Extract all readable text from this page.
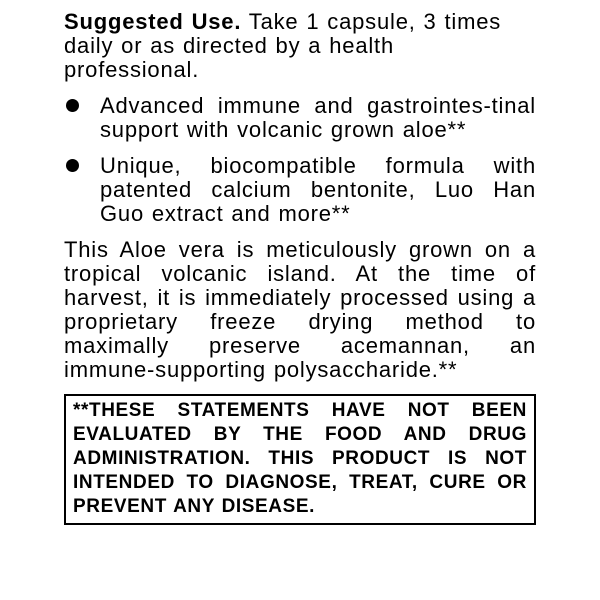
Suggested Use. Take 1 capsule, 3 times daily or as directed by a health professional.

Advanced immune and gastrointes-tinal support with volcanic grown aloe**
Unique, biocompatible formula with patented calcium bentonite, Luo Han Guo extract and more**

This Aloe vera is meticulously grown on a tropical volcanic island. At the time of harvest, it is immediately processed using a proprietary freeze drying method to maximally preserve acemannan, an immune-supporting polysaccharide.**

**THESE STATEMENTS HAVE NOT BEEN EVALUATED BY THE FOOD AND DRUG ADMINISTRATION. THIS PRODUCT IS NOT INTENDED TO DIAGNOSE, TREAT, CURE OR PREVENT ANY DISEASE.
